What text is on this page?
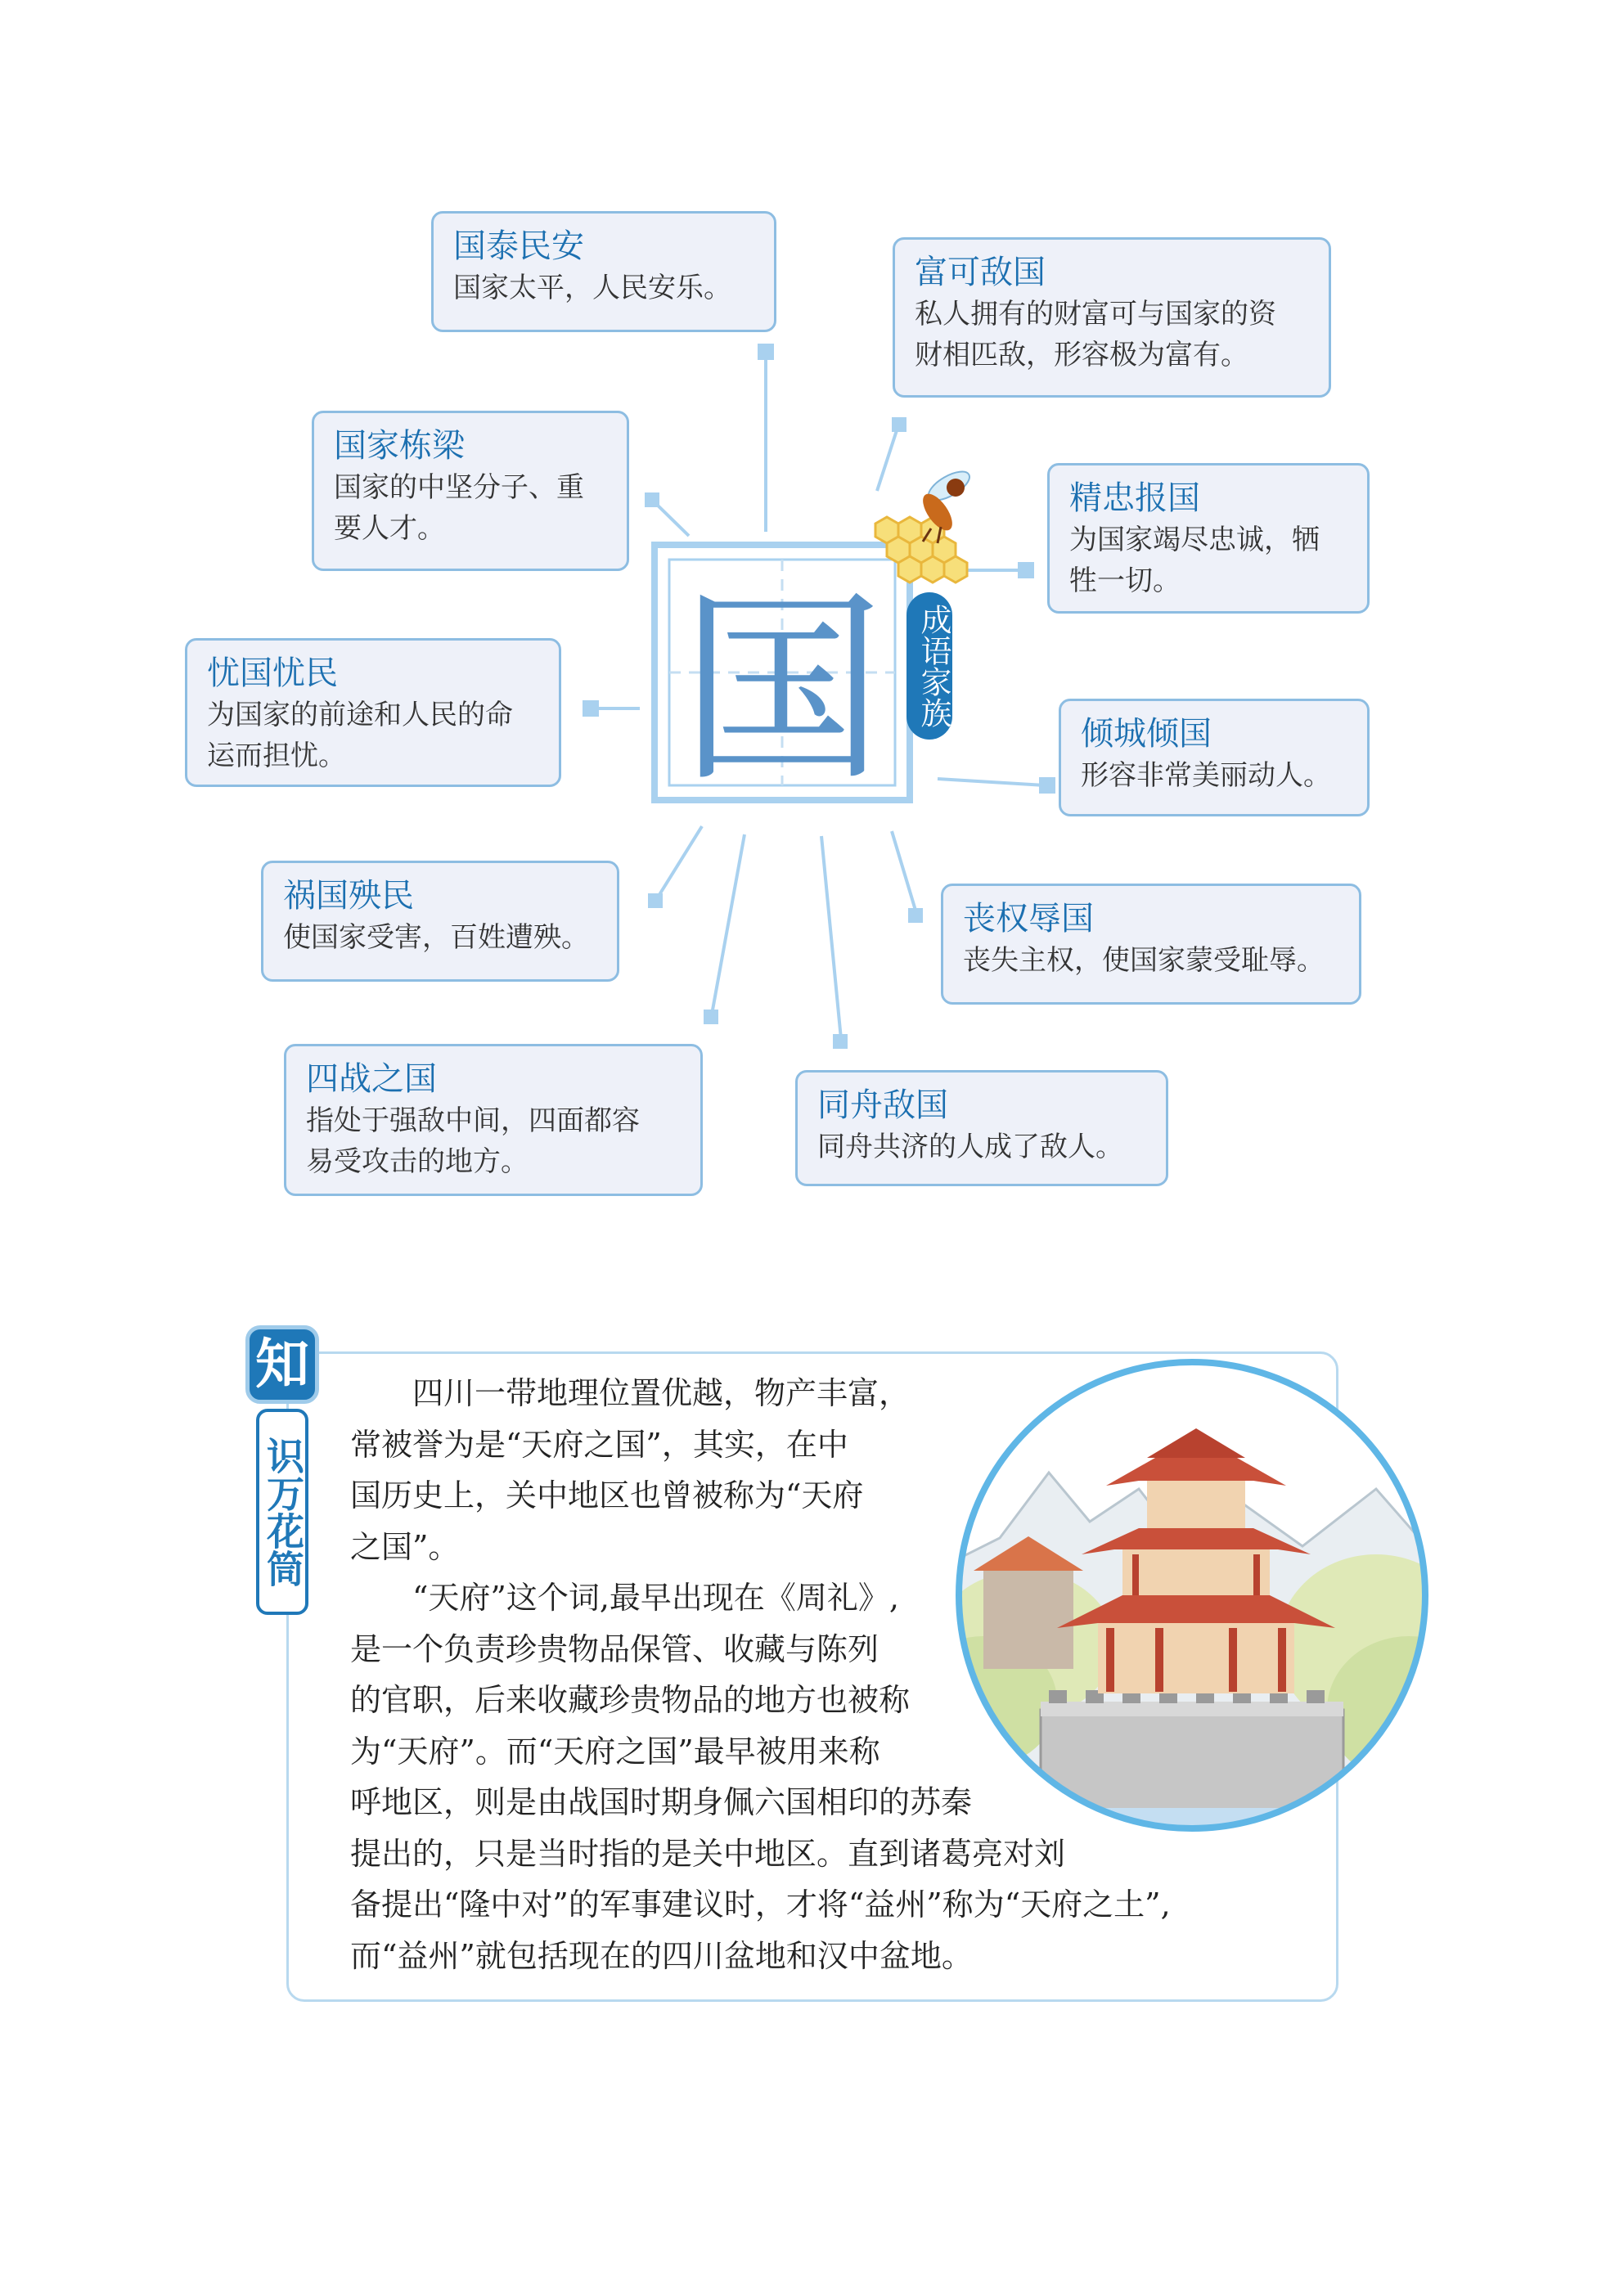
国	成语家族
国泰民安
国家太平，人民安乐。	富可敌国
私人拥有的财富可与国家的资
财相匹敌，形容极为富有。
国家栋梁
国家的中坚分子、重
要人才。
精忠报国
为国家竭尽忠诚，牺
牲一切。
忧国忧民
为国家的前途和人民的命
运而担忧。
倾城倾国
形容非常美丽动人。
祸国殃民
使国家受害，百姓遭殃。	丧权辱国
丧失主权，使国家蒙受耻辱。
四战之国
指处于强敌中间，四面都容
易受攻击的地方。
同舟敌国
同舟共济的人成了敌人。
知
识万花筒
四川一带地理位置优越，物产丰富，
常被誉为是“天府之国”，其实，在中
国历史上，关中地区也曾被称为“天府
之国”。
“天府”这个词,最早出现在《周礼》,
是一个负责珍贵物品保管、收藏与陈列
的官职，后来收藏珍贵物品的地方也被称
为“天府”。而“天府之国”最早被用来称
呼地区，则是由战国时期身佩六国相印的苏秦
提出的，只是当时指的是关中地区。直到诸葛亮对刘
备提出“隆中对”的军事建议时，才将“益州”称为“天府之土”,
而“益州”就包括现在的四川盆地和汉中盆地。
